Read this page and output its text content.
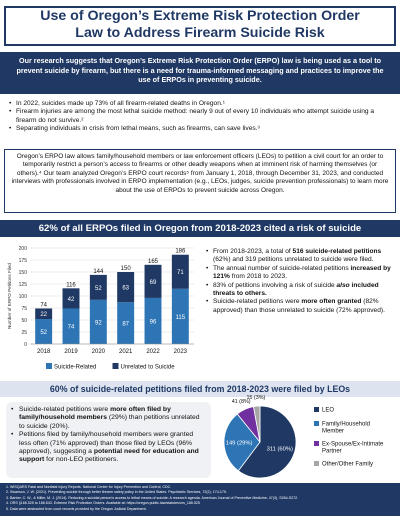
Use of Oregon’s Extreme Risk Protection Order
Law to Address Firearm Suicide Risk
Our research suggests that Oregon’s Extreme Risk Protection Order (ERPO) law is being used as a tool to prevent suicide by firearm, but there is a need for trauma-informed messaging and practices to improve the use of ERPOs in preventing suicide.
• In 2022, suicides made up 73% of all firearm-related deaths in Oregon.¹
• Firearm injuries are among the most lethal suicide method: nearly 9 out of every 10 individuals who attempt suicide using a firearm do not survive.²
• Separating individuals in crisis from lethal means, such as firearms, can save lives.³
Oregon’s ERPO law allows family/household members or law enforcement officers (LEOs) to petition a civil court for an order to temporarily restrict a person’s access to firearms or other deadly weapons when at imminent risk of harming themselves (or others).⁴ Our team analyzed Oregon’s ERPO court records⁵ from January 1, 2018, through December 31, 2023, and conducted interviews with professionals involved in ERPO implementation (e.g., LEOs, judges, suicide prevention professionals) to learn more about the use of ERPOs to prevent suicide across Oregon.
62% of all ERPOs filed in Oregon from 2018-2023 cited a risk of suicide
0
25
50
75
100
125
150
175
200
Number of ERPO Petitions Filed
52
22
74
2018
74
42
116
2019
92
52
144
2020
87
63
150
2021
96
69
165
2022
115
71
186
2023
Suicide-Related	Unrelated to Suicide
• From 2018-2023, a total of 516 suicide-related petitions (62%) and 319 petitions unrelated to suicide were filed.
• The annual number of suicide-related petitions increased by 121% from 2018 to 2023.
• 83% of petitions involving a risk of suicide also included threats to others.
• Suicide-related petitions were more often granted (82% approved) than those unrelated to suicide (72% approved).
60% of suicide-related petitions filed from 2018-2023 were filed by LEOs
• Suicide-related petitions were more often filed by family/household members (29%) than petitions unrelated to suicide (20%).
• Petitions filed by family/household members were granted less often (71% approved) than those filed by LEOs (96% approved), suggesting a potential need for education and support for non-LEO petitioners.
311 (60%)
149 (29%)
41 (8%)
15 (3%)
LEO
Family/Household
Member
Ex-Spouse/Ex-Intimate
Partner
Other/Other Family
1. WISQARS Fatal and Nonfatal Injury Reports. National Center for Injury Prevention and Control, CDC.
2. Swanson, J. W. (2021). Preventing suicide through better firearm safety policy in the United States. Psychiatric Services, 72(2), 174-179.
3. Barber, C. W., & Miller, M. J. (2014). Reducing a suicidal person’s access to lethal means of suicide: A research agenda. American Journal of Preventive Medicine, 47(3), S264-S272.
4. ORS §166.525 to 166.543. Extreme Risk Protection Orders. Available at: https://oregon.public.law/statutes/ors_166.525
5. Data were abstracted from court records provided by the Oregon Judicial Department.
